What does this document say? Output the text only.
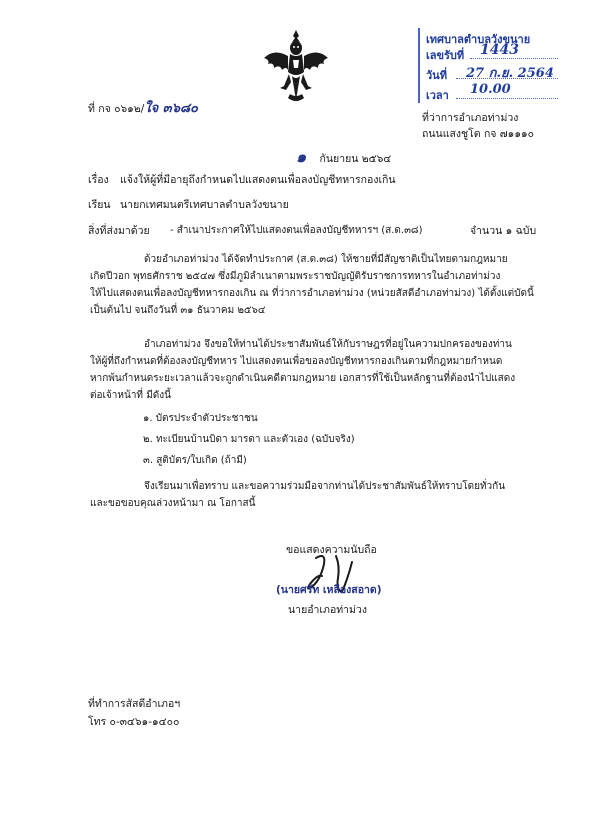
เทศบาลตำบลวังขนาย
เลขรับที่ 1443
วันที่ 27 ก.ย. 2564
เวลา 10.00
ที่ กจ ๐๖๑๒/ใจ ๓๖๘๐
ที่ว่าการอำเภอท่าม่วง
ถนนแสงชูโต กจ ๗๑๑๑๐
๑ กันยายน ๒๕๖๔
เรื่อง แจ้งให้ผู้ที่มีอายุถึงกำหนดไปแสดงตนเพื่อลงบัญชีทหารกองเกิน
เรียน นายกเทศมนตรีเทศบาลตำบลวังขนาย
สิ่งที่ส่งมาด้วย - สำเนาประกาศให้ไปแสดงตนเพื่อลงบัญชีทหารฯ (ส.ด.๓๘)	จำนวน ๑ ฉบับ
ด้วยอำเภอท่าม่วง ได้จัดทำประกาศ (ส.ด.๓๘) ให้ชายที่มีสัญชาติเป็นไทยตามกฎหมาย
เกิดปีวอก พุทธศักราช ๒๕๔๗ ซึ่งมีภูมิลำเนาตามพระราชบัญญัติรับราชการทหารในอำเภอท่าม่วง
ให้ไปแสดงตนเพื่อลงบัญชีทหารกองเกิน ณ ที่ว่าการอำเภอท่าม่วง (หน่วยสัสดีอำเภอท่าม่วง) ได้ตั้งแต่บัดนี้
เป็นต้นไป จนถึงวันที่ ๓๑ ธันวาคม ๒๕๖๔
อำเภอท่าม่วง จึงขอให้ท่านได้ประชาสัมพันธ์ให้กับราษฎรที่อยู่ในความปกครองของท่าน
ให้ผู้ที่ถึงกำหนดที่ต้องลงบัญชีทหาร ไปแสดงตนเพื่อขอลงบัญชีทหารกองเกินตามที่กฎหมายกำหนด
หากพ้นกำหนดระยะเวลาแล้วจะถูกดำเนินคดีตามกฎหมาย เอกสารที่ใช้เป็นหลักฐานที่ต้องนำไปแสดง
ต่อเจ้าหน้าที่ มีดังนี้
๑. บัตรประจำตัวประชาชน
๒. ทะเบียนบ้านบิดา มารดา และตัวเอง (ฉบับจริง)
๓. สูติบัตร/ใบเกิด (ถ้ามี)
จึงเรียนมาเพื่อทราบ และขอความร่วมมือจากท่านได้ประชาสัมพันธ์ให้ทราบโดยทั่วกัน
และขอขอบคุณล่วงหน้ามา ณ โอกาสนี้
ขอแสดงความนับถือ
(นายศรัท เหลืองสอาด)
นายอำเภอท่าม่วง
ที่ทำการสัสดีอำเภอฯ
โทร ๐-๓๔๖๑-๑๔๐๐
